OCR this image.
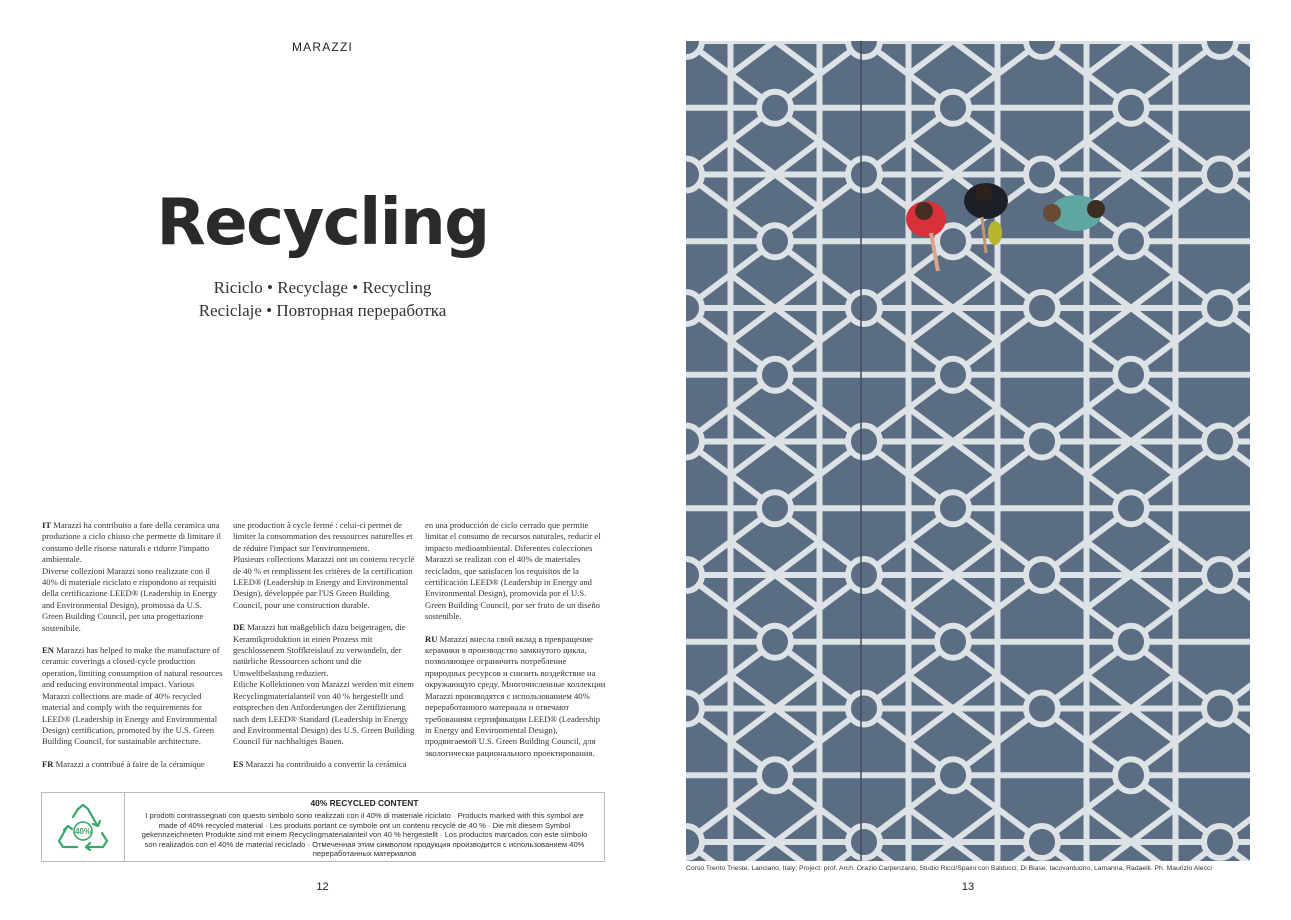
MARAZZI
Recycling
Riciclo • Recyclage • Recycling
Reciclaje • Повторная переработка

IT Marazzi ha contribuito a fare della ceramica una produzione a ciclo chiuso che permette di limitare il consumo delle risorse naturali e ridurre l'impatto ambientale.
Diverse collezioni Marazzi sono realizzate con il 40% di materiale riciclato e rispondono ai requisiti della certificazione LEED® (Leadership in Energy and Environmental Design), promossa da U.S. Green Building Council, per una progettazione sostenibile.

EN Marazzi has helped to make the manufacture of ceramic coverings a closed-cycle production operation, limiting consumption of natural resources and reducing environmental impact. Various Marazzi collections are made of 40% recycled material and comply with the requirements for LEED® (Leadership in Energy and Environmental Design) certification, promoted by the U.S. Green Building Council, for sustainable architecture.

FR Marazzi a contribué à faire de la céramique

une production à cycle fermé : celui-ci permet de limiter la consommation des ressources naturelles et de réduire l'impact sur l'environnement.
Plusieurs collections Marazzi ont un contenu recyclé de 40 % et remplissent les critères de la certification LEED® (Leadership in Energy and Environmental Design), développée par l'US Green Building Council, pour une construction durable.

DE Marazzi hat maßgeblich dazu beigetragen, die Keramikproduktion in einen Prozess mit geschlossenem Stoffkreislauf zu verwandeln, der natürliche Ressourcen schont und die Umweltbelastung reduziert.
Etliche Kollektionen von Marazzi werden mit einem Recyclingmaterialanteil von 40 % hergestellt und entsprechen den Anforderungen der Zertifizierung nach dem LEED® Standard (Leadership in Energy and Environmental Design) des U.S. Green Building Council für nachhaltiges Bauen.

ES Marazzi ha contribuido a convertir la cerámica

en una producción de ciclo cerrado que permite limitar el consumo de recursos naturales, reducir el impacto medioambiental. Diferentes colecciones Marazzi se realizan con el 40% de materiales reciclados, que satisfacen los requisitos de la certificación LEED® (Leadership in Energy and Environmental Design), promovida por el U.S. Green Building Council, por ser fruto de un diseño sostenible.

RU Marazzi внесла свой вклад в превращение керамики в производство замкнутого цикла, позволяющее ограничить потребление природных ресурсов и снизить воздействие на окружающую среду. Многочисленные коллекции Marazzi производятся с использованием 40% переработанного материала и отвечают требованиям сертификации LEED® (Leadership in Energy and Environmental Design), продвигаемой U.S. Green Building Council, для экологически рационального проектирования.

40%
40% RECYCLED CONTENT
I prodotti contrassegnati con questo simbolo sono realizzati con il 40% di materiale riciclato · Products marked with this symbol are made of 40% recycled material · Les produits portant ce symbole ont un contenu recyclé de 40 % · Die mit diesem Symbol gekennzeichneten Produkte sind mit einem Recyclingmaterialanteil von 40 % hergestellt · Los productos marcados con este símbolo son realizados con el 40% de material reciclado · Отмеченная этим символом продукция производится с использованием 40% переработанных материалов
12
Corso Trento Trieste, Lanciano, Italy; Project: prof. Arch. Orazio Carpenzano, Studio Ricci/Spaini con Balducci, Di Biase, Iacovantuono, Lamanna, Radaelli. Ph. Maurizio Alecci
13
